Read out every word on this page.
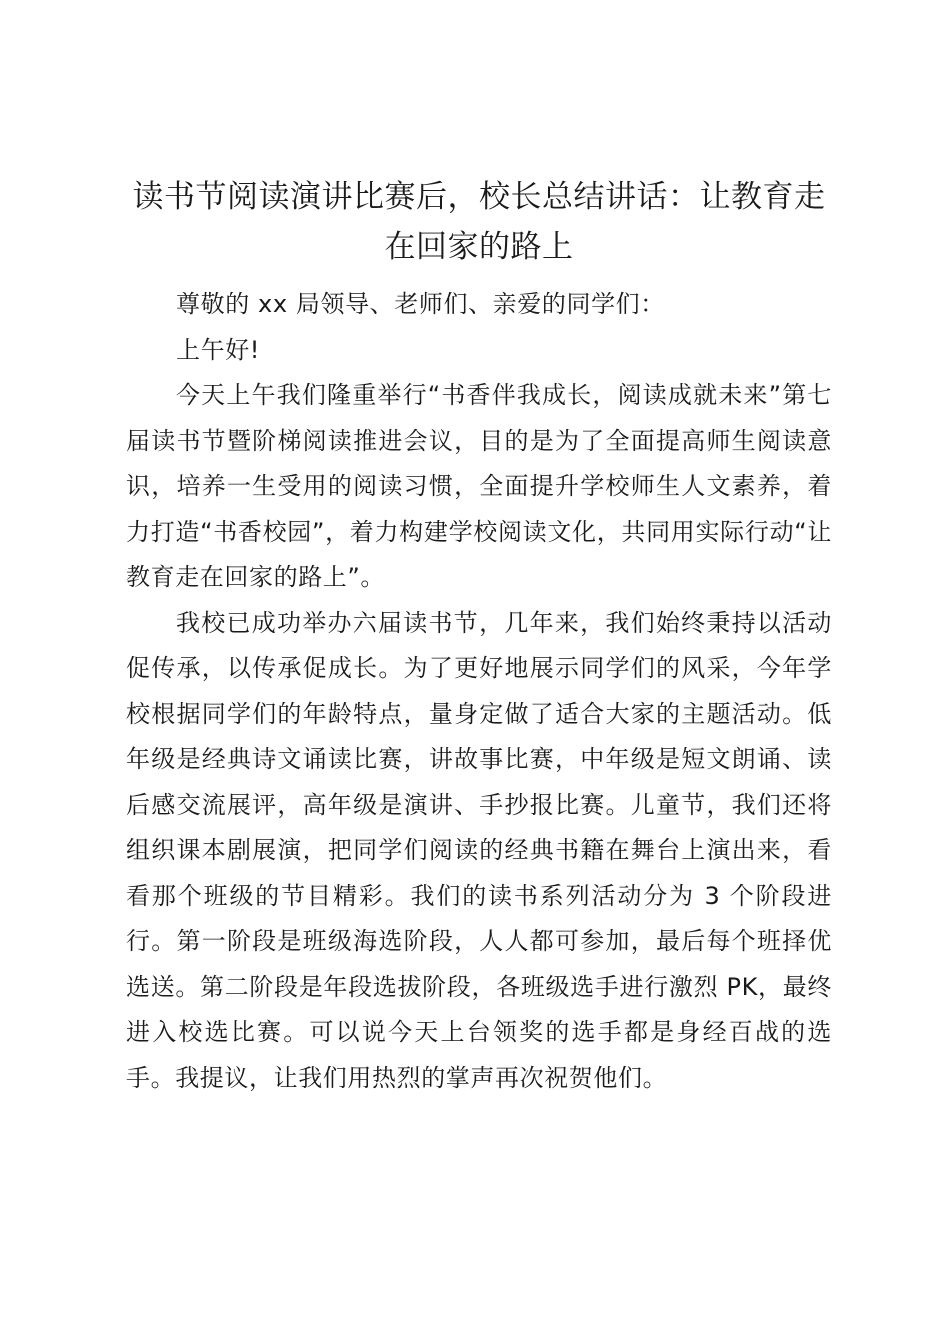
读书节阅读演讲比赛后，校长总结讲话：让教育走在回家的路上

尊敬的 xx 局领导、老师们、亲爱的同学们：

上午好!

今天上午我们隆重举行“书香伴我成长，阅读成就未来”第七届读书节暨阶梯阅读推进会议，目的是为了全面提高师生阅读意识，培养一生受用的阅读习惯，全面提升学校师生人文素养，着力打造“书香校园”，着力构建学校阅读文化，共同用实际行动“让教育走在回家的路上”。

我校已成功举办六届读书节，几年来，我们始终秉持以活动促传承，以传承促成长。为了更好地展示同学们的风采，今年学校根据同学们的年龄特点，量身定做了适合大家的主题活动。低年级是经典诗文诵读比赛，讲故事比赛，中年级是短文朗诵、读后感交流展评，高年级是演讲、手抄报比赛。儿童节，我们还将组织课本剧展演，把同学们阅读的经典书籍在舞台上演出来，看看那个班级的节目精彩。我们的读书系列活动分为 3 个阶段进行。第一阶段是班级海选阶段，人人都可参加，最后每个班择优选送。第二阶段是年段选拔阶段，各班级选手进行激烈 PK，最终进入校选比赛。可以说今天上台领奖的选手都是身经百战的选手。我提议，让我们用热烈的掌声再次祝贺他们。
